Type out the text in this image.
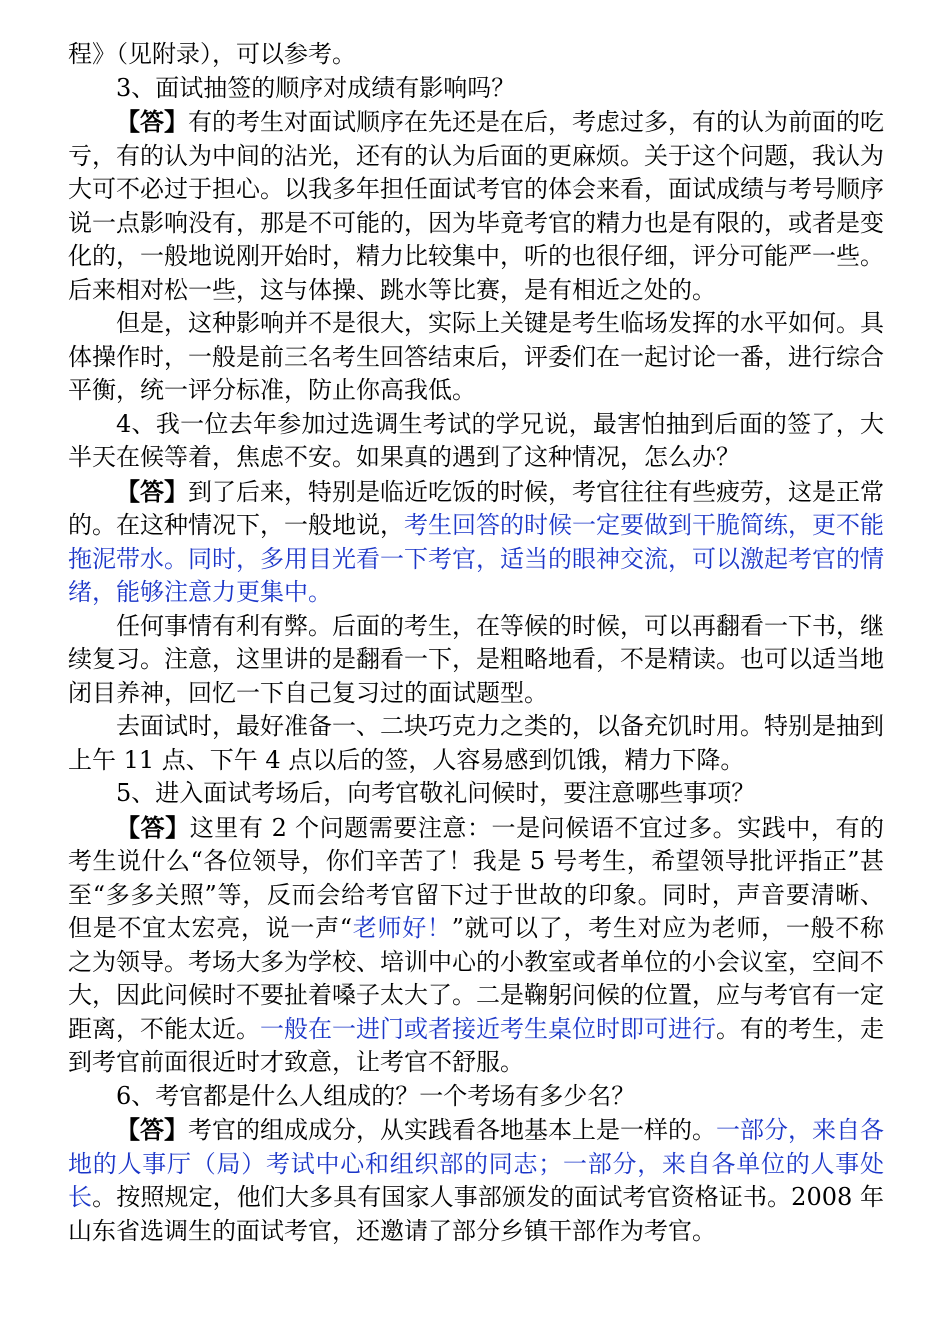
程》（见附录），可以参考。

3、面试抽签的顺序对成绩有影响吗？

【答】有的考生对面试顺序在先还是在后，考虑过多，有的认为前面的吃亏，有的认为中间的沾光，还有的认为后面的更麻烦。关于这个问题，我认为大可不必过于担心。以我多年担任面试考官的体会来看，面试成绩与考号顺序说一点影响没有，那是不可能的，因为毕竟考官的精力也是有限的，或者是变化的，一般地说刚开始时，精力比较集中，听的也很仔细，评分可能严一些。后来相对松一些，这与体操、跳水等比赛，是有相近之处的。

但是，这种影响并不是很大，实际上关键是考生临场发挥的水平如何。具体操作时，一般是前三名考生回答结束后，评委们在一起讨论一番，进行综合平衡，统一评分标准，防止你高我低。

4、我一位去年参加过选调生考试的学兄说，最害怕抽到后面的签了，大半天在候等着，焦虑不安。如果真的遇到了这种情况，怎么办？

【答】到了后来，特别是临近吃饭的时候，考官往往有些疲劳，这是正常的。在这种情况下，一般地说，考生回答的时候一定要做到干脆简练，更不能拖泥带水。同时，多用目光看一下考官，适当的眼神交流，可以激起考官的情绪，能够注意力更集中。

任何事情有利有弊。后面的考生，在等候的时候，可以再翻看一下书，继续复习。注意，这里讲的是翻看一下，是粗略地看，不是精读。也可以适当地闭目养神，回忆一下自己复习过的面试题型。

去面试时，最好准备一、二块巧克力之类的，以备充饥时用。特别是抽到上午 11 点、下午 4 点以后的签，人容易感到饥饿，精力下降。

5、进入面试考场后，向考官敬礼问候时，要注意哪些事项？

【答】这里有 2 个问题需要注意：一是问候语不宜过多。实践中，有的考生说什么“各位领导，你们辛苦了！我是 5 号考生，希望领导批评指正”甚至“多多关照”等，反而会给考官留下过于世故的印象。同时，声音要清晰、但是不宜太宏亮，说一声“老师好！”就可以了，考生对应为老师，一般不称之为领导。考场大多为学校、培训中心的小教室或者单位的小会议室，空间不大，因此问候时不要扯着嗓子太大了。二是鞠躬问候的位置，应与考官有一定距离，不能太近。一般在一进门或者接近考生桌位时即可进行。有的考生，走到考官前面很近时才致意，让考官不舒服。

6、考官都是什么人组成的？一个考场有多少名？

【答】考官的组成成分，从实践看各地基本上是一样的。一部分，来自各地的人事厅（局）考试中心和组织部的同志；一部分，来自各单位的人事处长。按照规定，他们大多具有国家人事部颁发的面试考官资格证书。2008 年山东省选调生的面试考官，还邀请了部分乡镇干部作为考官。
